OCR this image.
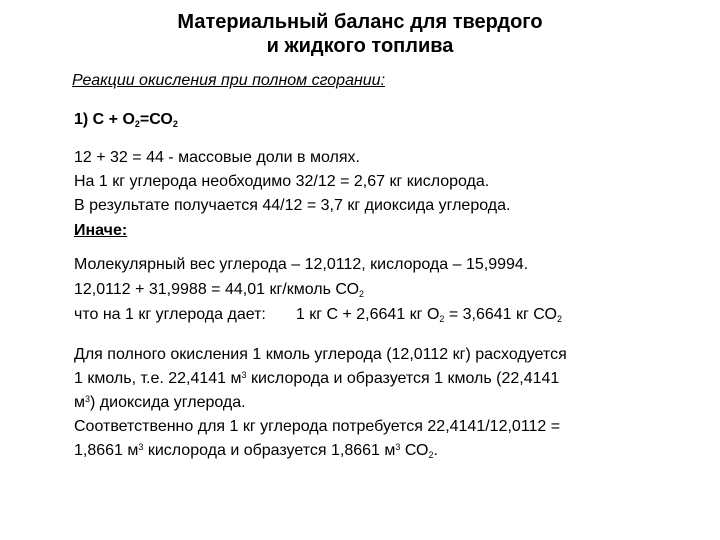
Материальный баланс для твердого
и жидкого топлива
Реакции окисления при полном сгорании:
1) $С + О_2=СО_2$
12 + 32 = 44 - массовые доли в молях.
На 1 кг углерода необходимо 32/12 = 2,67 кг кислорода.
В результате получается 44/12 = 3,7 кг диоксида углерода.
Иначе:
Молекулярный вес углерода – 12,0112, кислорода – 15,9994.
12,0112 + 31,9988 = 44,01 кг/кмоль $СО_2$
что на 1 кг углерода дает: 1 кг С + 2,6641 кг $О_2 = 3,6641$ кг $СО_2$
Для полного окисления 1 кмоль углерода (12,0112 кг) расходуется
1 кмоль, т.е. 22,4141 $м^3$ кислорода и образуется 1 кмоль (22,4141
$м^3$) диоксида углерода.
Соответственно для 1 кг углерода потребуется 22,4141/12,0112 =
1,8661 $м^3$ кислорода и образуется 1,8661 $м^3$ $СО_2$.
